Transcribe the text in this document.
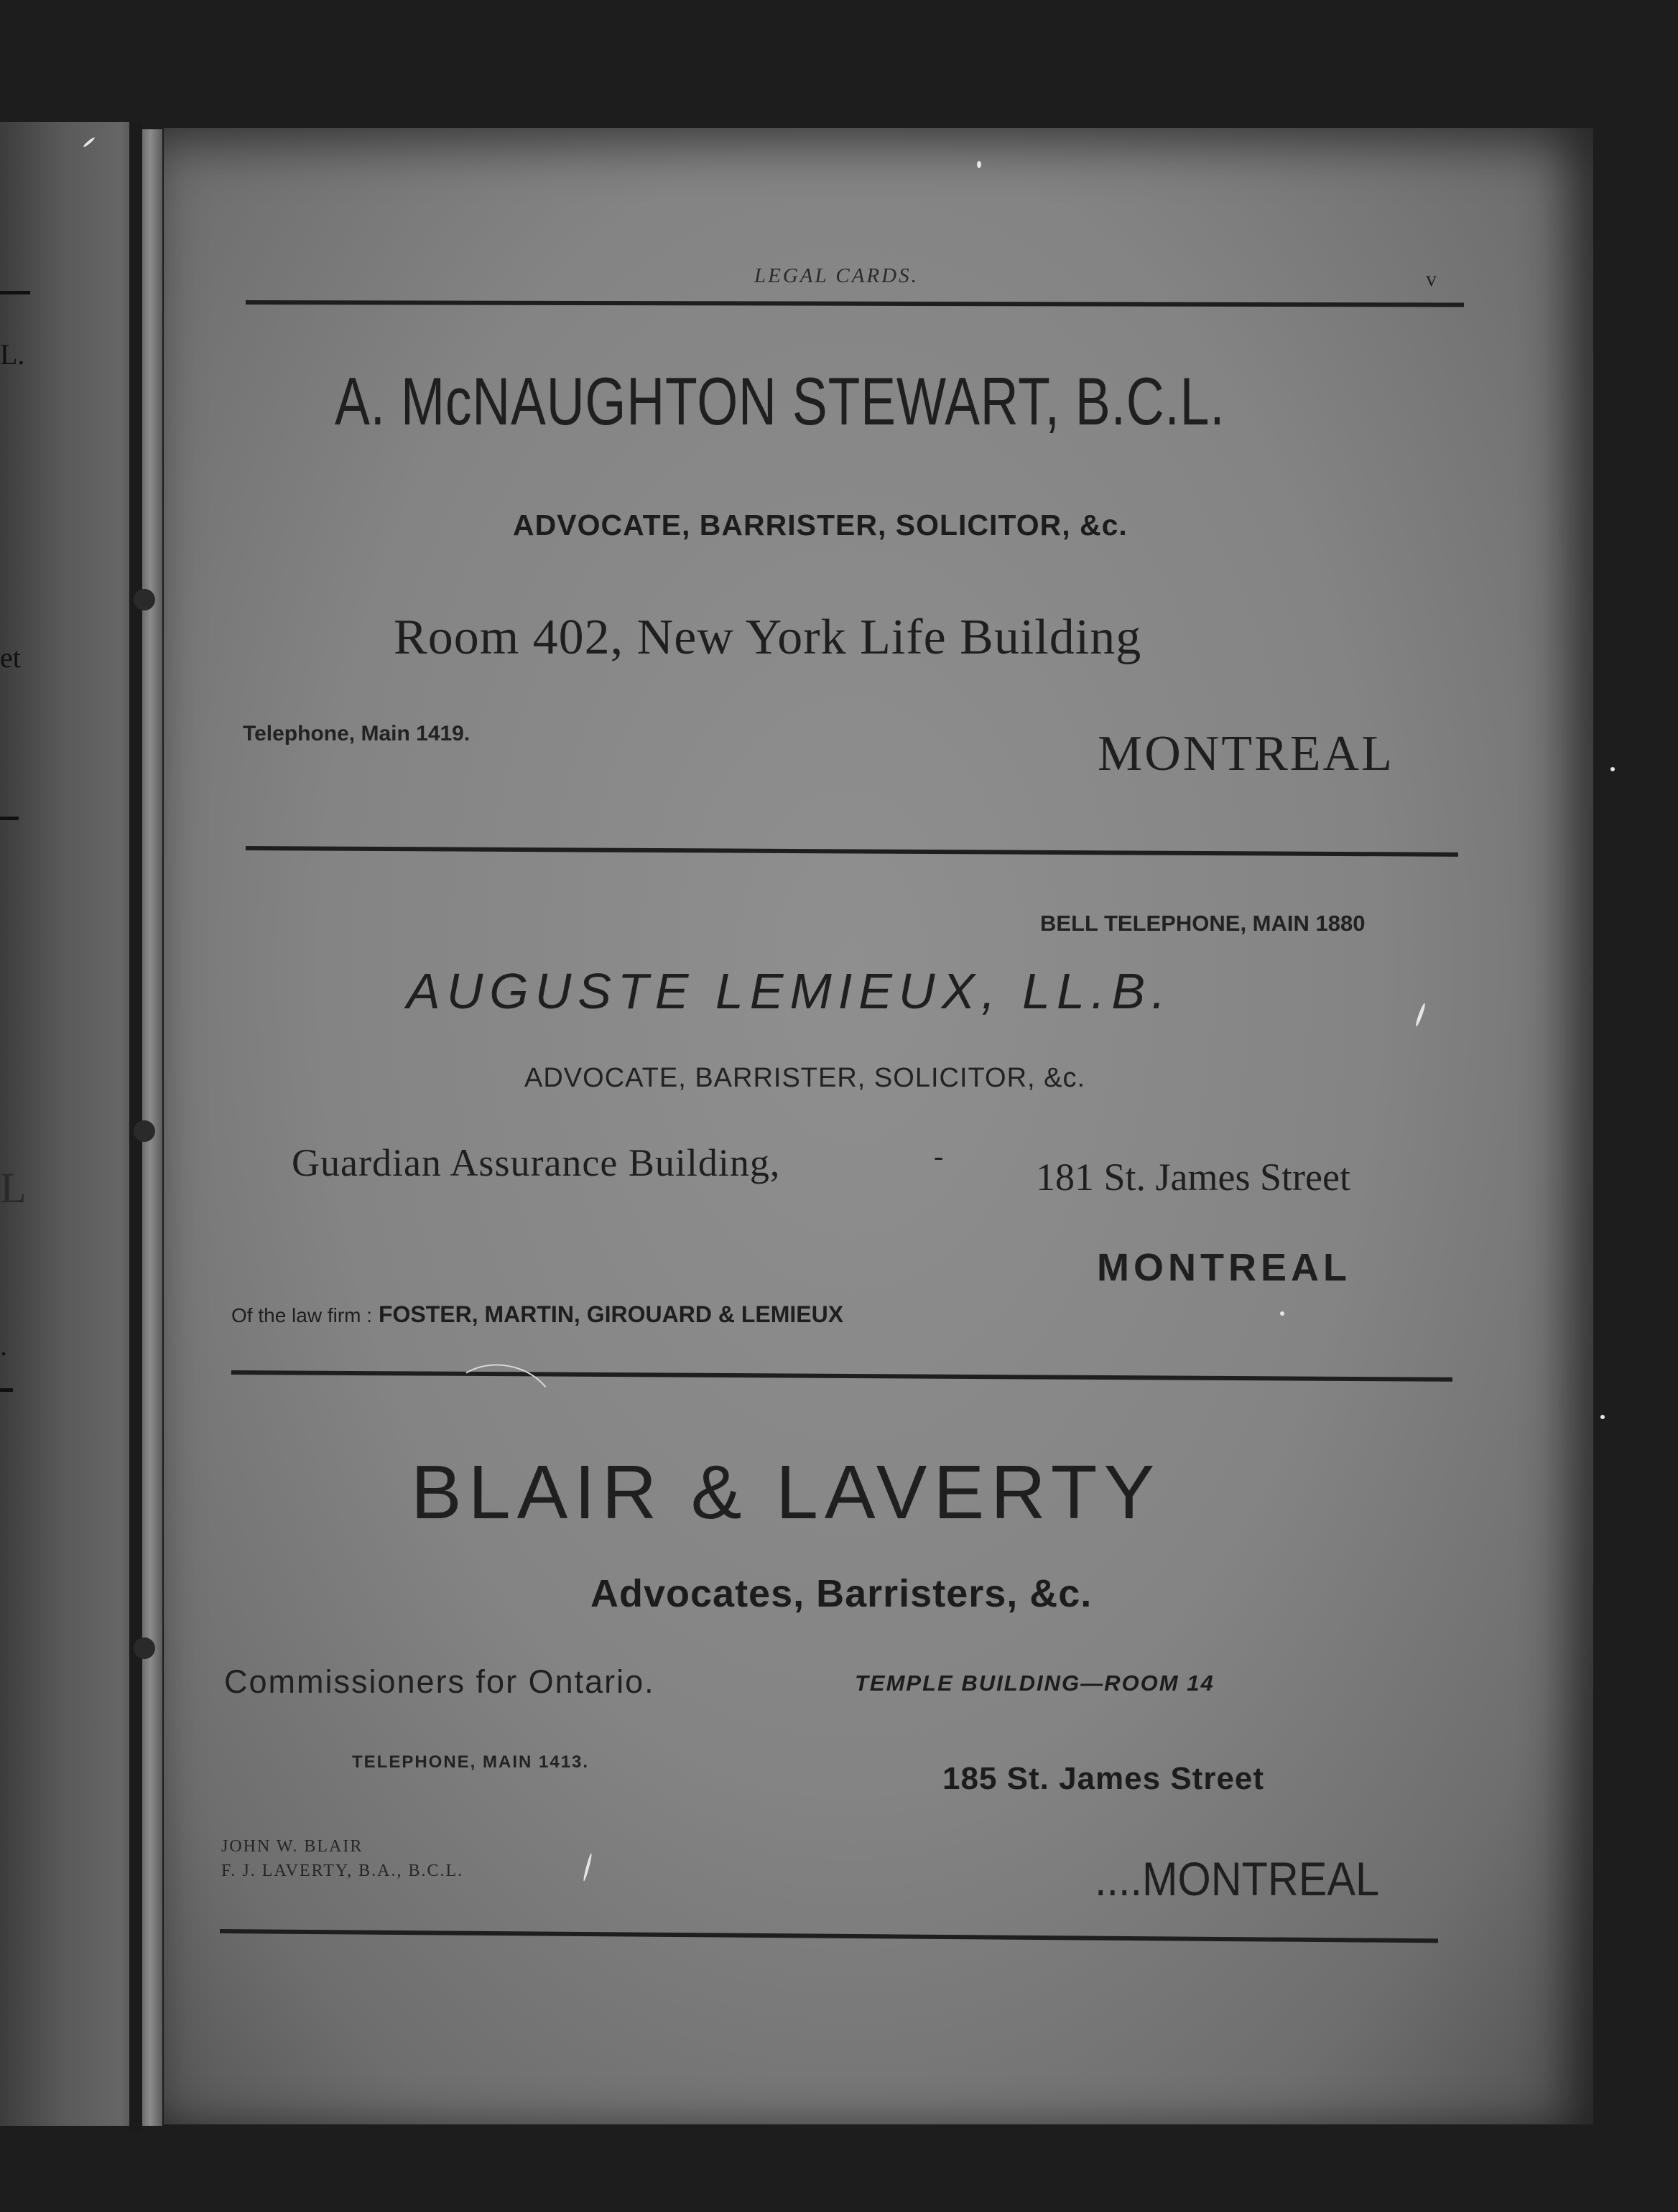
L.
et
L
.
LEGAL CARDS.	v
A. McNAUGHTON STEWART, B.C.L.
ADVOCATE, BARRISTER, SOLICITOR, &c.
Room 402, New York Life Building
Telephone, Main 1419.	MONTREAL
BELL TELEPHONE, MAIN 1880
AUGUSTE LEMIEUX, LL.B.
ADVOCATE, BARRISTER, SOLICITOR, &c.
Guardian Assurance Building,	- 181 St. James Street
MONTREAL
Of the law firm : FOSTER, MARTIN, GIROUARD & LEMIEUX
BLAIR & LAVERTY
Advocates, Barristers, &c.
Commissioners for Ontario.	TEMPLE BUILDING—ROOM 14
TELEPHONE, MAIN 1413.	185 St. James Street
JOHN W. BLAIR
F. J. LAVERTY, B.A., B.C.L.	....MONTREAL
